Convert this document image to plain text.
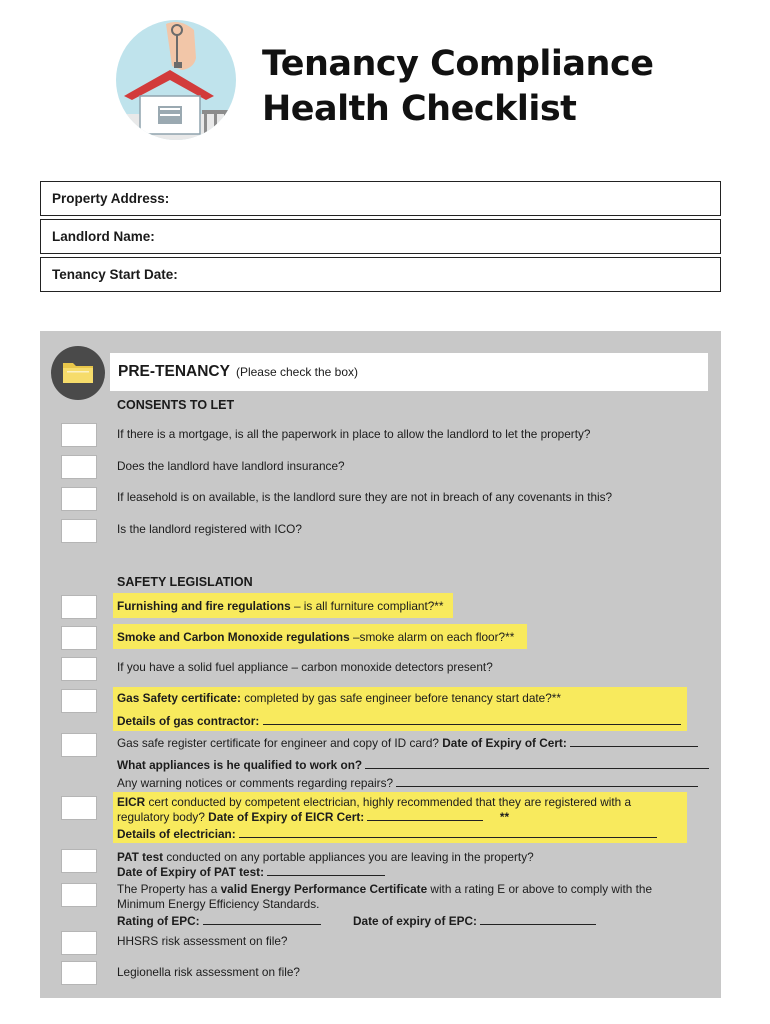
Tenancy Compliance
Health Checklist
Property Address:
Landlord Name:
Tenancy Start Date:
PRE-TENANCY (Please check the box)
CONSENTS TO LET
If there is a mortgage, is all the paperwork in place to allow the landlord to let the property?
Does the landlord have landlord insurance?
If leasehold is on available, is the landlord sure they are not in breach of any covenants in this?
Is the landlord registered with ICO?
SAFETY LEGISLATION
Furnishing and fire regulations – is all furniture compliant?**
Smoke and Carbon Monoxide regulations –smoke alarm on each floor?**
If you have a solid fuel appliance – carbon monoxide detectors present?
Gas Safety certificate: completed by gas safe engineer before tenancy start date?**
Details of gas contractor:
Gas safe register certificate for engineer and copy of ID card? Date of Expiry of Cert:
What appliances is he qualified to work on?
Any warning notices or comments regarding repairs?
EICR cert conducted by competent electrician, highly recommended that they are registered with a
regulatory body? Date of Expiry of EICR Cert:	**
Details of electrician:
PAT test conducted on any portable appliances you are leaving in the property?
Date of Expiry of PAT test:
The Property has a valid Energy Performance Certificate with a rating E or above to comply with the
Minimum Energy Efficiency Standards.
Rating of EPC:	Date of expiry of EPC:
HHSRS risk assessment on file?
Legionella risk assessment on file?
